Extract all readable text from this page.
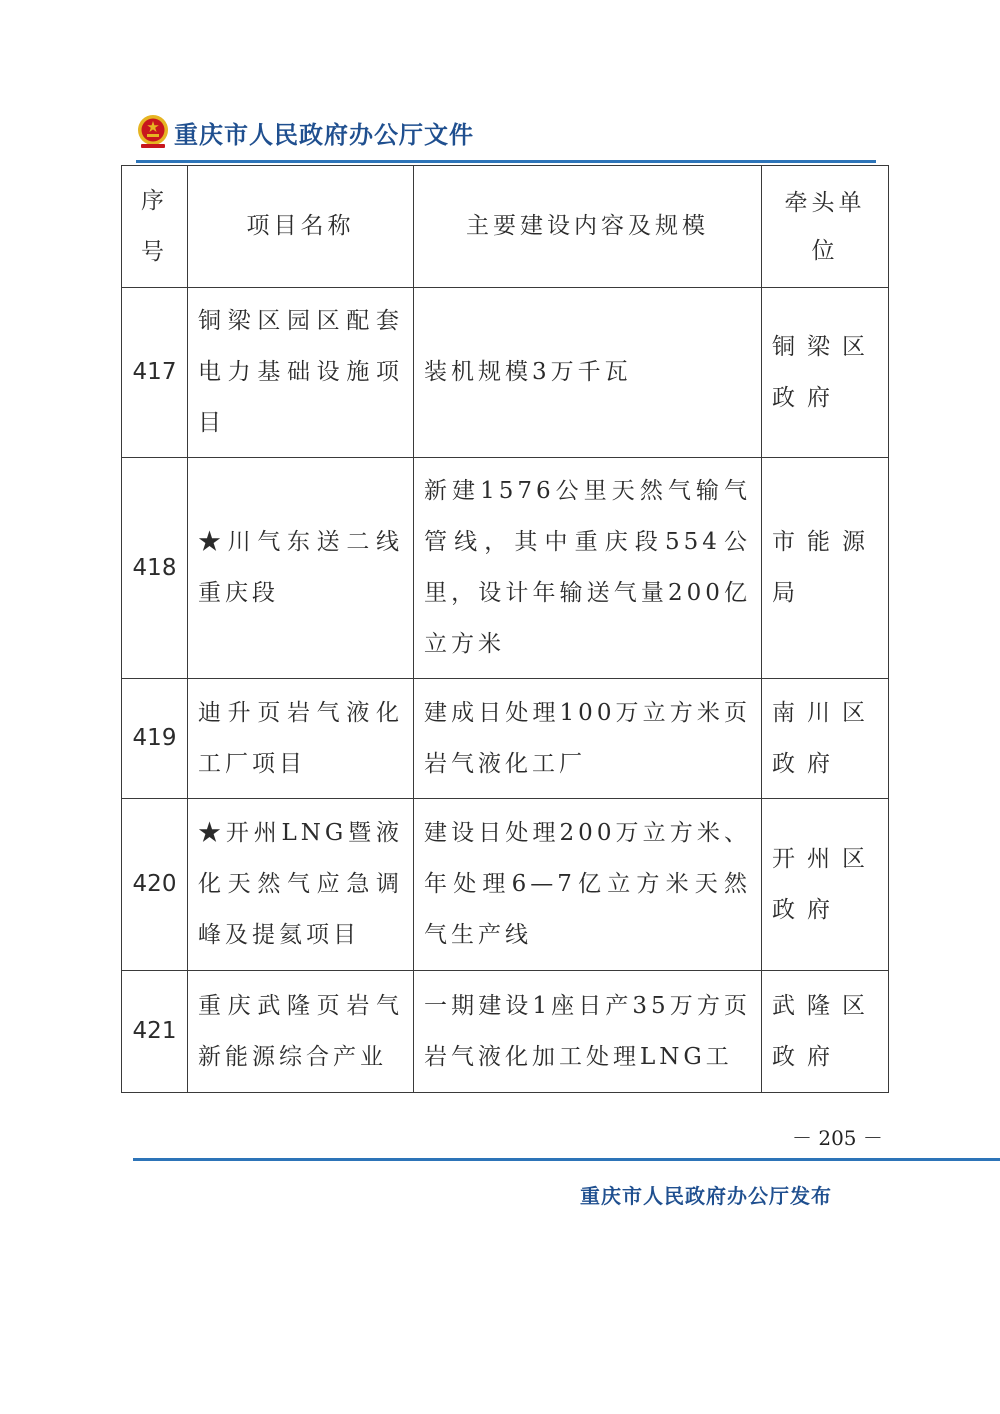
重庆市人民政府办公厅文件
序号	项目名称	主要建设内容及规模	牵头单位
417	铜梁区园区配套电力基础设施项目	装机规模3万千瓦	铜梁区政府
418	★川气东送二线重庆段	新建1576公里天然气输气管线，其中重庆段554公里，设计年输送气量200亿立方米	市能源局
419	迪升页岩气液化工厂项目	建成日处理100万立方米页岩气液化工厂	南川区政府
420	★开州LNG暨液化天然气应急调峰及提氦项目	建设日处理200万立方米、年处理6—7亿立方米天然气生产线	开州区政府
421	重庆武隆页岩气新能源综合产业	一期建设1座日产35万方页岩气液化加工处理LNG工	武隆区政府
－ 205 －
重庆市人民政府办公厅发布
